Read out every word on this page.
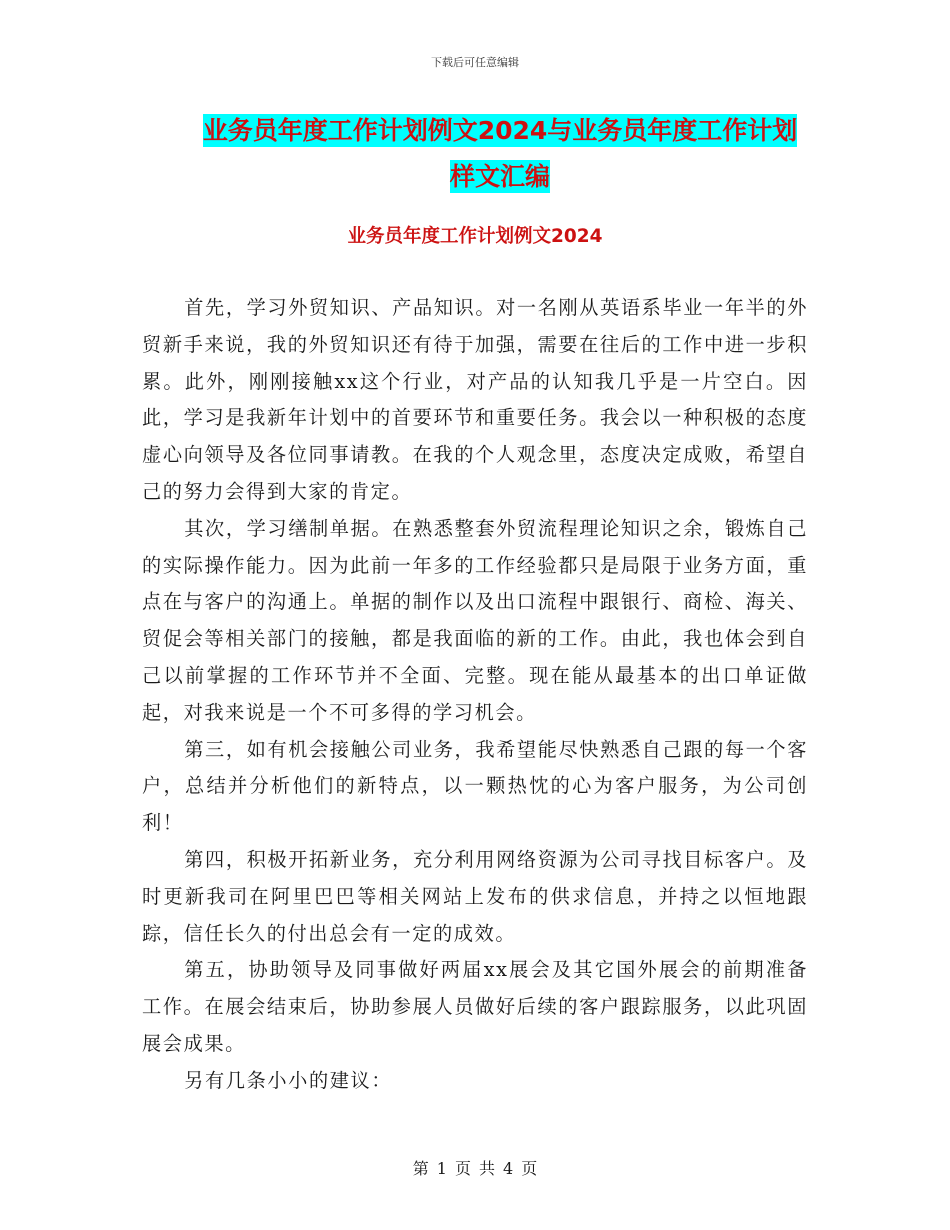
下载后可任意编辑
业务员年度工作计划例文2024与业务员年度工作计划
样文汇编
业务员年度工作计划例文2024

首先，学习外贸知识、产品知识。对一名刚从英语系毕业一年半的外贸新手来说，我的外贸知识还有待于加强，需要在往后的工作中进一步积累。此外，刚刚接触xx这个行业，对产品的认知我几乎是一片空白。因此，学习是我新年计划中的首要环节和重要任务。我会以一种积极的态度虚心向领导及各位同事请教。在我的个人观念里，态度决定成败，希望自己的努力会得到大家的肯定。

其次，学习缮制单据。在熟悉整套外贸流程理论知识之余，锻炼自己的实际操作能力。因为此前一年多的工作经验都只是局限于业务方面，重点在与客户的沟通上。单据的制作以及出口流程中跟银行、商检、海关、贸促会等相关部门的接触，都是我面临的新的工作。由此，我也体会到自己以前掌握的工作环节并不全面、完整。现在能从最基本的出口单证做起，对我来说是一个不可多得的学习机会。

第三，如有机会接触公司业务，我希望能尽快熟悉自己跟的每一个客户，总结并分析他们的新特点，以一颗热忱的心为客户服务，为公司创利！

第四，积极开拓新业务，充分利用网络资源为公司寻找目标客户。及时更新我司在阿里巴巴等相关网站上发布的供求信息，并持之以恒地跟踪，信任长久的付出总会有一定的成效。

第五，协助领导及同事做好两届xx展会及其它国外展会的前期准备工作。在展会结束后，协助参展人员做好后续的客户跟踪服务，以此巩固展会成果。

另有几条小小的建议：

第 1 页 共 4 页
